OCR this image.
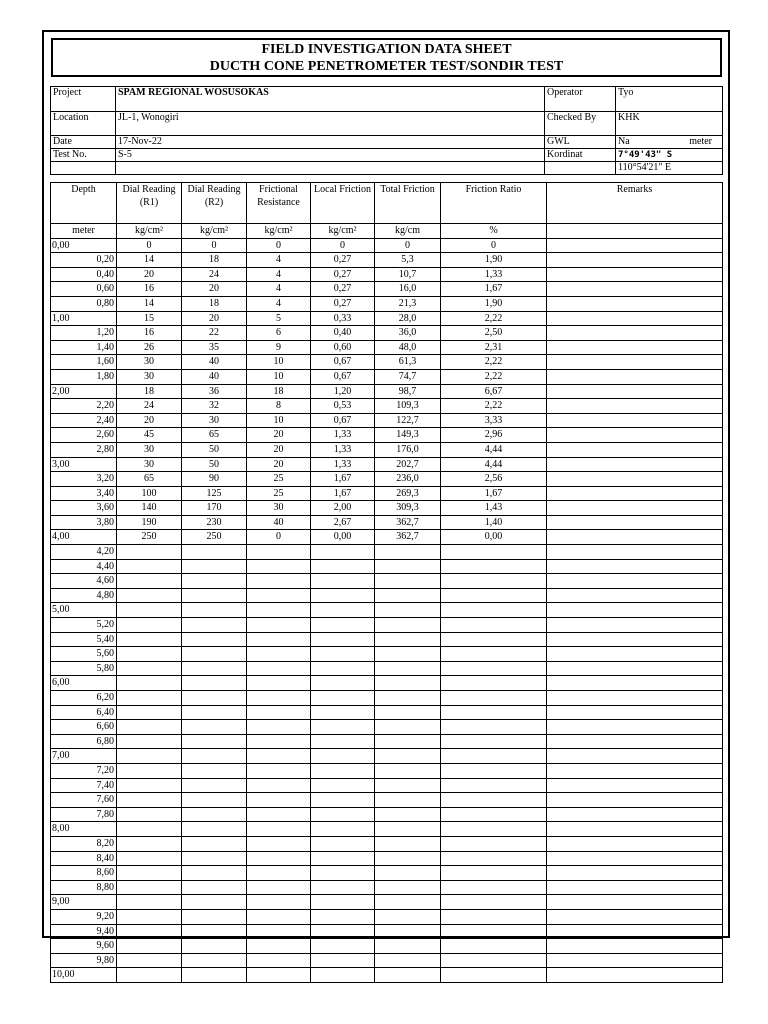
FIELD INVESTIGATION DATA SHEET
DUCTH CONE PENETROMETER TEST/SONDIR TEST
Project	SPAM REGIONAL WOSUSOKAS	Operator	Tyo
Location	JL-1, Wonogiri	Checked By	KHK
Date	17-Nov-22	GWL	Na meter

Test No.	S-5	Kordinat	7°49'43" S
			110°54'21" E
Depth	Dial Reading (R1)	Dial Reading (R2)	Frictional Resistance	Local Friction	Total Friction	Friction Ratio	Remarks
meter	kg/cm²	kg/cm²	kg/cm²	kg/cm²	kg/cm	%	
0,00	0	0	0	0	0	0	
0,20	14	18	4	0,27	5,3	1,90	
0,40	20	24	4	0,27	10,7	1,33	
0,60	16	20	4	0,27	16,0	1,67	
0,80	14	18	4	0,27	21,3	1,90	
1,00	15	20	5	0,33	28,0	2,22	
1,20	16	22	6	0,40	36,0	2,50	
1,40	26	35	9	0,60	48,0	2,31	
1,60	30	40	10	0,67	61,3	2,22	
1,80	30	40	10	0,67	74,7	2,22	
2,00	18	36	18	1,20	98,7	6,67	
2,20	24	32	8	0,53	109,3	2,22	
2,40	20	30	10	0,67	122,7	3,33	
2,60	45	65	20	1,33	149,3	2,96	
2,80	30	50	20	1,33	176,0	4,44	
3,00	30	50	20	1,33	202,7	4,44	
3,20	65	90	25	1,67	236,0	2,56	
3,40	100	125	25	1,67	269,3	1,67	
3,60	140	170	30	2,00	309,3	1,43	
3,80	190	230	40	2,67	362,7	1,40	
4,00	250	250	0	0,00	362,7	0,00	
4,20							
4,40							
4,60							
4,80							
5,00							
5,20							
5,40							
5,60							
5,80							
6,00							
6,20							
6,40							
6,60							
6,80							
7,00							
7,20							
7,40							
7,60							
7,80							
8,00							
8,20							
8,40							
8,60							
8,80							
9,00							
9,20							
9,40							
9,60							
9,80							
10,00							
